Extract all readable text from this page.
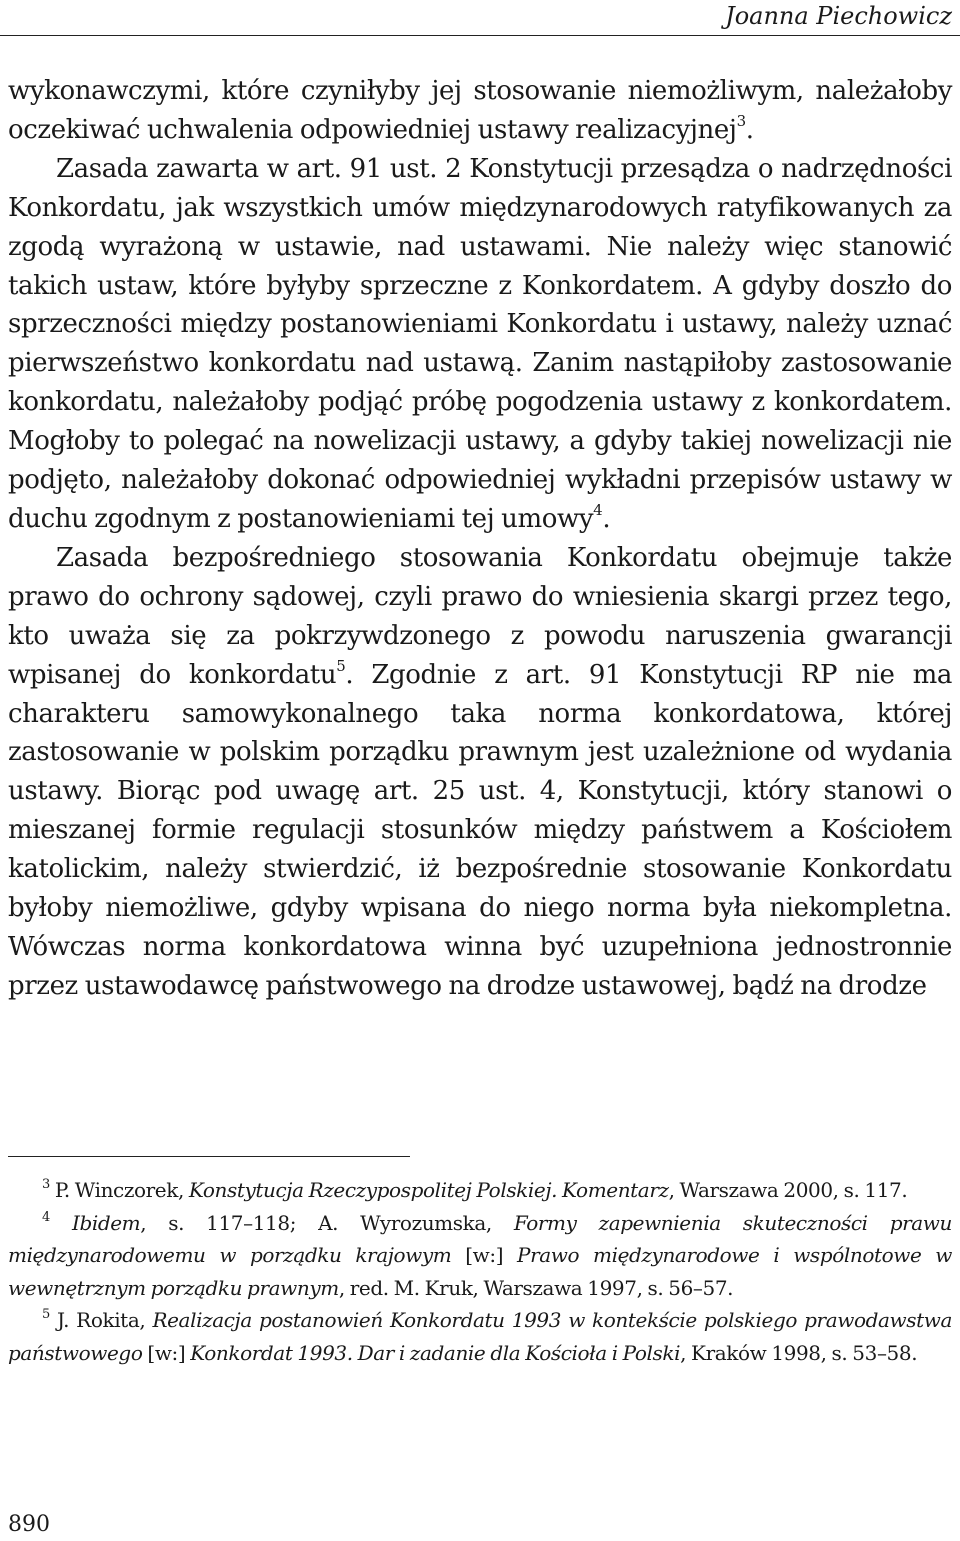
Joanna Piechowicz

wykonawczymi, które czyniłyby jej stosowanie niemożliwym, należałoby oczekiwać uchwalenia odpowiedniej ustawy realizacyjnej$^3$.

Zasada zawarta w art. 91 ust. 2 Konstytucji przesądza o nadrzędności Konkordatu, jak wszystkich umów międzynarodowych ratyfikowanych za zgodą wyrażoną w ustawie, nad ustawami. Nie należy więc stanowić takich ustaw, które byłyby sprzeczne z Konkordatem. A gdyby doszło do sprzeczności między postanowieniami Konkordatu i ustawy, należy uznać pierwszeństwo konkordatu nad ustawą. Zanim nastąpiłoby zastosowanie konkordatu, należałoby podjąć próbę pogodzenia ustawy z konkordatem. Mogłoby to polegać na nowelizacji ustawy, a gdyby takiej nowelizacji nie podjęto, należałoby dokonać odpowiedniej wykładni przepisów ustawy w duchu zgodnym z postanowieniami tej umowy$^4$.

Zasada bezpośredniego stosowania Konkordatu obejmuje także prawo do ochrony sądowej, czyli prawo do wniesienia skargi przez tego, kto uważa się za pokrzywdzonego z powodu naruszenia gwarancji wpisanej do konkordatu$^5$. Zgodnie z art. 91 Konstytucji RP nie ma charakteru samowykonalnego taka norma konkordatowa, której zastosowanie w polskim porządku prawnym jest uzależnione od wydania ustawy. Biorąc pod uwagę art. 25 ust. 4, Konstytucji, który stanowi o mieszanej formie regulacji stosunków między państwem a Kościołem katolickim, należy stwierdzić, iż bezpośrednie stosowanie Konkordatu byłoby niemożliwe, gdyby wpisana do niego norma była niekompletna. Wówczas norma konkordatowa winna być uzupełniona jednostronnie przez ustawodawcę państwowego na drodze ustawowej, bądź na drodze

$^3$ P. Winczorek, Konstytucja Rzeczypospolitej Polskiej. Komentarz, Warszawa 2000, s. 117.

$^4$ Ibidem, s. 117–118; A. Wyrozumska, Formy zapewnienia skuteczności prawu międzynarodowemu w porządku krajowym [w:] Prawo międzynarodowe i wspólnotowe w wewnętrznym porządku prawnym, red. M. Kruk, Warszawa 1997, s. 56–57.

$^5$ J. Rokita, Realizacja postanowień Konkordatu 1993 w kontekście polskiego prawodawstwa państwowego [w:] Konkordat 1993. Dar i zadanie dla Kościoła i Polski, Kraków 1998, s. 53–58.

890
